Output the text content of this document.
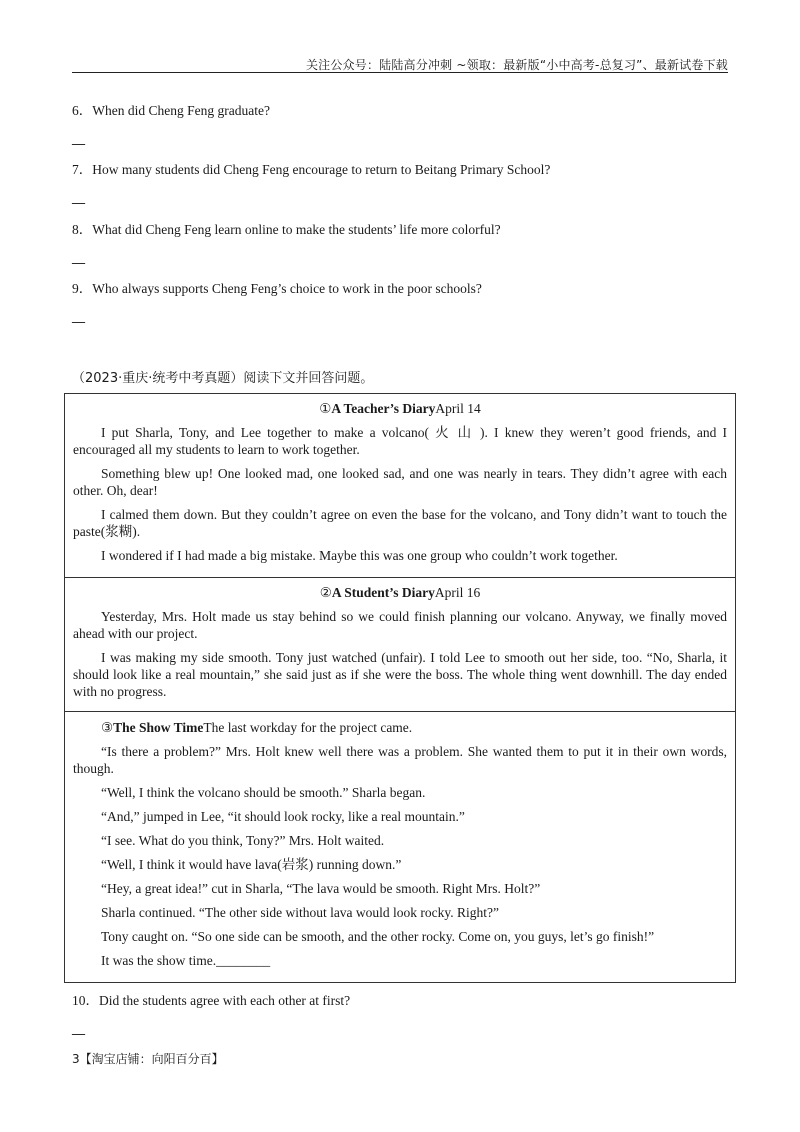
关注公众号：陆陆高分冲刺 ~领取：最新版“小中高考-总复习”、最新试卷下载
6．When did Cheng Feng graduate?
__
7．How many students did Cheng Feng encourage to return to Beitang Primary School?
__
8．What did Cheng Feng learn online to make the students’ life more colorful?
__
9．Who always supports Cheng Feng’s choice to work in the poor schools?
__
（2023·重庆·统考中考真题）阅读下文并回答问题。
①A Teacher’s DiaryApril 14

I put Sharla, Tony, and Lee together to make a volcano( 火 山 ). I knew they weren’t good friends, and I encouraged all my students to learn to work together.

Something blew up! One looked mad, one looked sad, and one was nearly in tears. They didn’t agree with each other. Oh, dear!

I calmed them down. But they couldn’t agree on even the base for the volcano, and Tony didn’t want to touch the paste(浆糊).

I wondered if I had made a big mistake. Maybe this was one group who couldn’t work together.

②A Student’s DiaryApril 16

Yesterday, Mrs. Holt made us stay behind so we could finish planning our volcano. Anyway, we finally moved ahead with our project.

I was making my side smooth. Tony just watched (unfair). I told Lee to smooth out her side, too. “No, Sharla, it should look like a real mountain,” she said just as if she were the boss. The whole thing went downhill. The day ended with no progress.

③The Show TimeThe last workday for the project came.
“Is there a problem?” Mrs. Holt knew well there was a problem. She wanted them to put it in their own words, though.
“Well, I think the volcano should be smooth.” Sharla began.
“And,” jumped in Lee, “it should look rocky, like a real mountain.”
“I see. What do you think, Tony?” Mrs. Holt waited.
“Well, I think it would have lava(岩浆) running down.”
“Hey, a great idea!” cut in Sharla, “The lava would be smooth. Right Mrs. Holt?”
Sharla continued. “The other side without lava would look rocky. Right?”
Tony caught on. “So one side can be smooth, and the other rocky. Come on, you guys, let’s go finish!”
It was the show time.________
10．Did the students agree with each other at first?
__
3【淘宝店铺：向阳百分百】
